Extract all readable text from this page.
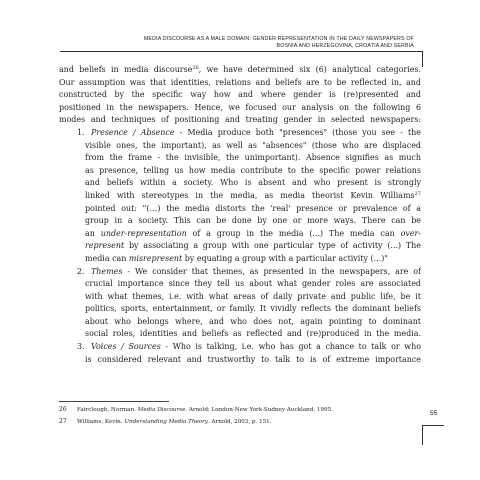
MEDIA DISCOURSE AS A MALE DOMAIN: GENDER REPRESENTATION IN THE DAILY NEWSPAPERS OF
BOSNIA AND HERZEGOVINA, CROATIA AND SERBIA
and beliefs in media discourse$^{26}$, we have determined six (6) analytical categories.
Our assumption was that identities, relations and beliefs are to be reflected in, and
constructed by the specific way how and where gender is (re)presented and
positioned in the newspapers. Hence, we focused our analysis on the following 6
modes and techniques of positioning and treating gender in selected newspapers:
1. Presence / Absence - Media produce both "presences" (those you see - the
visible ones, the important), as well as "absences" (those who are displaced
from the frame - the invisible, the unimportant). Absence signifies as much
as presence, telling us how media contribute to the specific power relations
and beliefs within a society. Who is absent and who present is strongly
linked with stereotypes in the media, as media theorist Kevin Williams$^{27}$
pointed out: "(…) the media distorts the 'real' presence or prevalence of a
group in a society. This can be done by one or more ways. There can be
an under-representation of a group in the media (...) The media can over-
represent by associating a group with one particular type of activity (...) The
media can misrepresent by equating a group with a particular activity (...)"
2. Themes - We consider that themes, as presented in the newspapers, are of
crucial importance since they tell us about what gender roles are associated
with what themes, i.e. with what areas of daily private and public life, be it
politics, sports, entertainment, or family. It vividly reflects the dominant beliefs
about who belongs where, and who does not, again pointing to dominant
social roles, identities and beliefs as reflected and (re)produced in the media.
3. Voices / Sources - Who is talking, i.e. who has got a chance to talk or who
is considered relevant and trustworthy to talk to is of extreme importance
26 Fairclough, Norman. Media Discourse. Arnold: London-New York-Sudney-Auckland, 1995.
27 Williams, Kevin. Understanding Media Theory. Arnold, 2003, p. 151.
55
